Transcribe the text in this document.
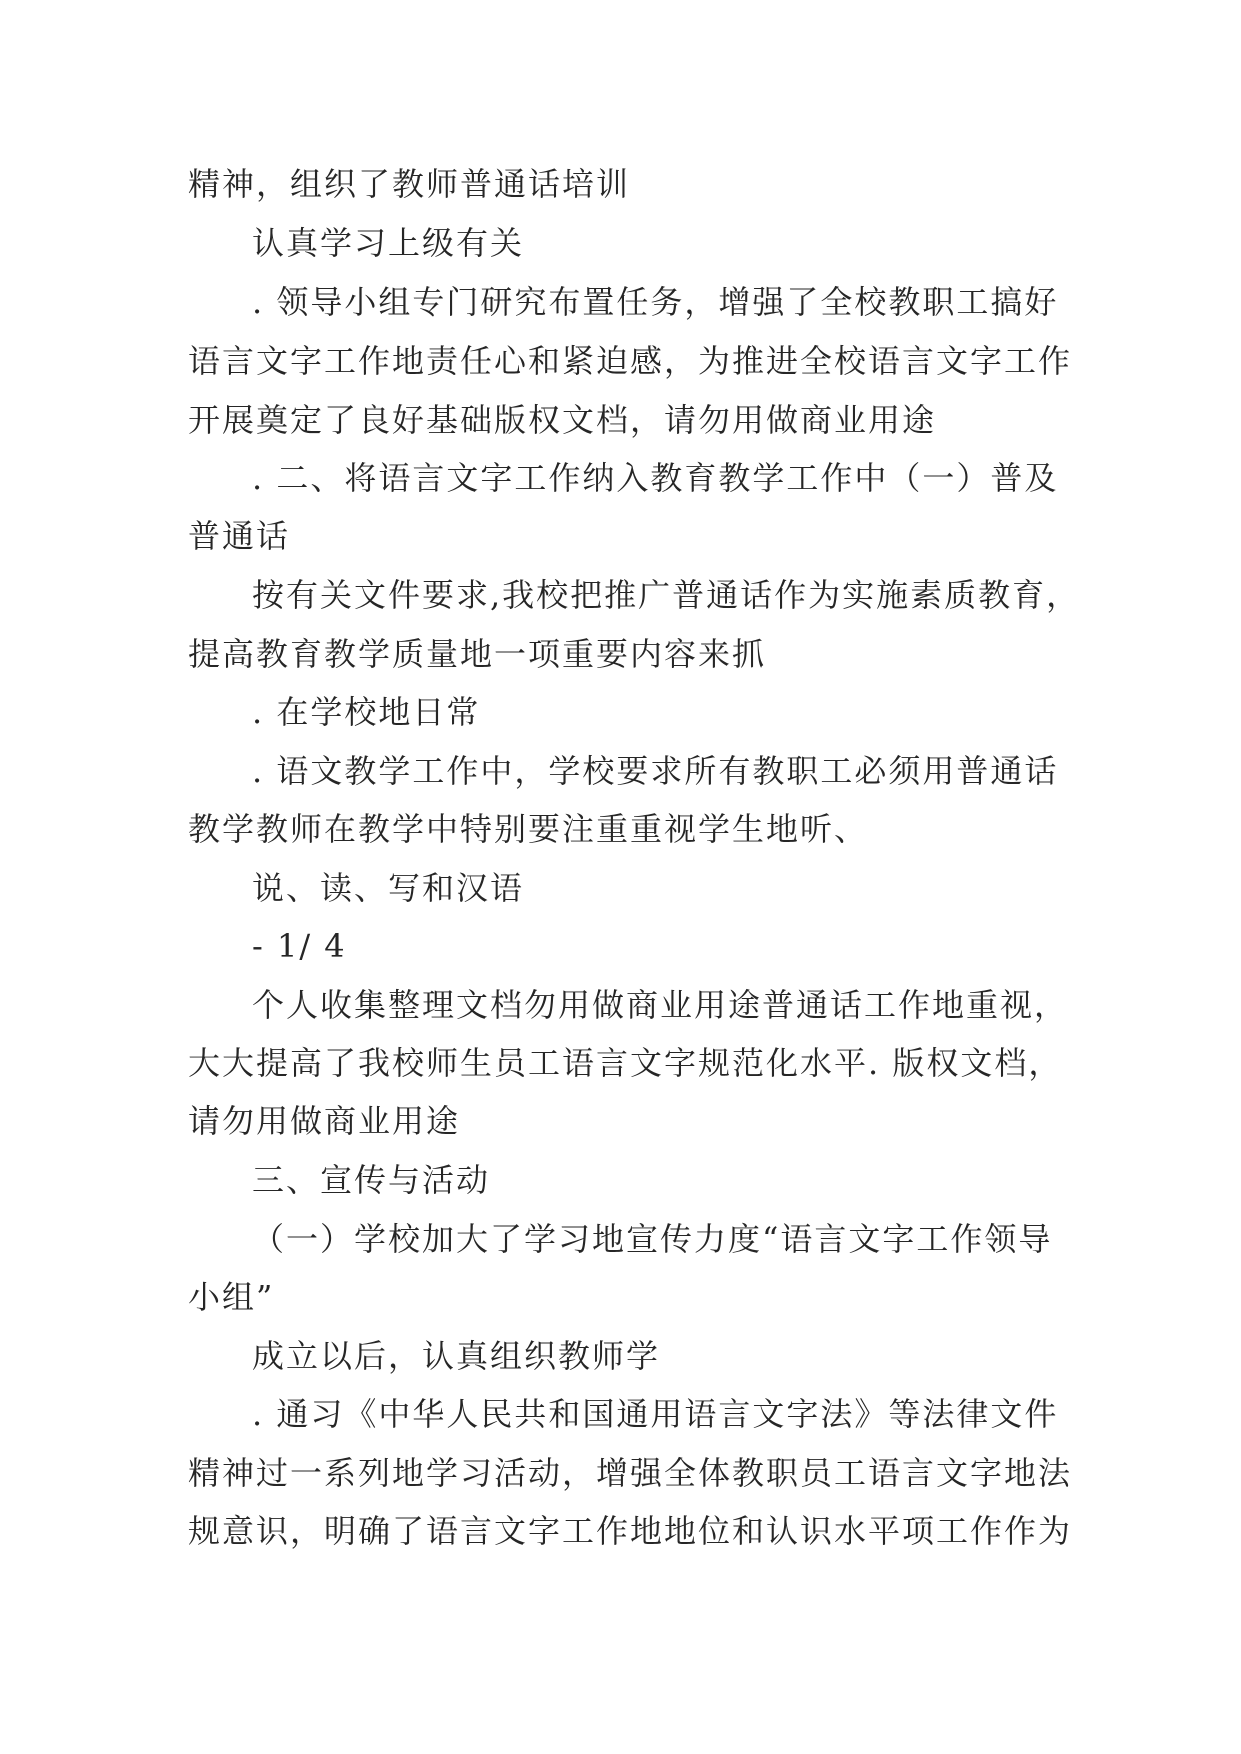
精神，组织了教师普通话培训
认真学习上级有关
. 领导小组专门研究布置任务，增强了全校教职工搞好
语言文字工作地责任心和紧迫感，为推进全校语言文字工作
开展奠定了良好基础版权文档，请勿用做商业用途
. 二、将语言文字工作纳入教育教学工作中（一）普及
普通话
按有关文件要求,我校把推广普通话作为实施素质教育，
提高教育教学质量地一项重要内容来抓
. 在学校地日常
. 语文教学工作中，学校要求所有教职工必须用普通话
教学教师在教学中特别要注重重视学生地听、
说、读、写和汉语
- 1/ 4
个人收集整理文档勿用做商业用途普通话工作地重视，
大大提高了我校师生员工语言文字规范化水平. 版权文档，
请勿用做商业用途
三、宣传与活动
（一）学校加大了学习地宣传力度“语言文字工作领导
小组”
成立以后，认真组织教师学
. 通习《中华人民共和国通用语言文字法》等法律文件
精神过一系列地学习活动，增强全体教职员工语言文字地法
规意识，明确了语言文字工作地地位和认识水平项工作作为
